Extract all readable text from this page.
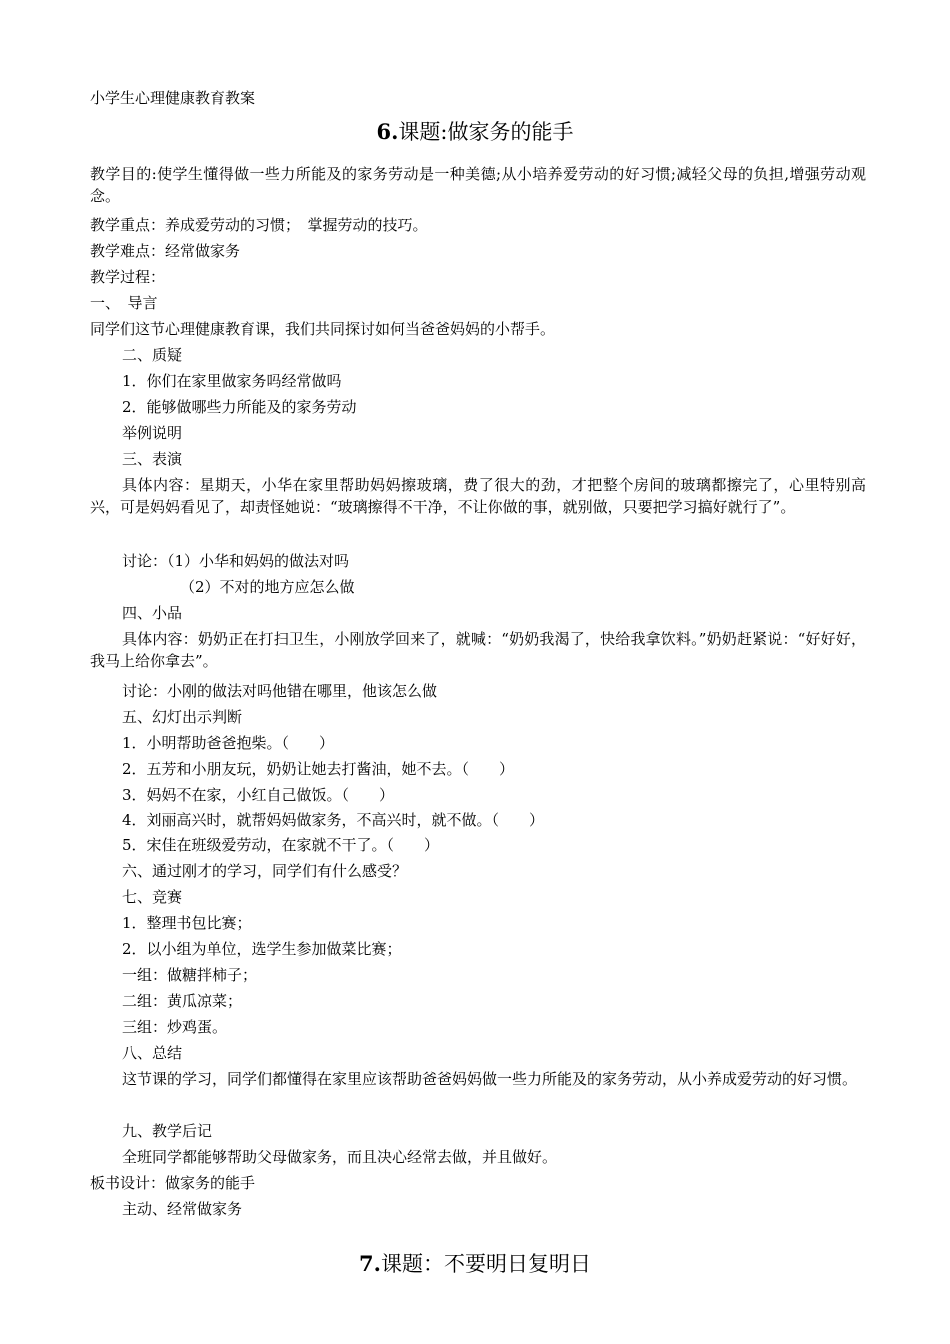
小学生心理健康教育教案
6.课题:做家务的能手
教学目的:使学生懂得做一些力所能及的家务劳动是一种美德;从小培养爱劳动的好习惯;减轻父母的负担,增强劳动观念。
教学重点：养成爱劳动的习惯；　掌握劳动的技巧。
教学难点：经常做家务
教学过程：
一、　导言
同学们这节心理健康教育课，我们共同探讨如何当爸爸妈妈的小帮手。
二、质疑
1．你们在家里做家务吗经常做吗
2．能够做哪些力所能及的家务劳动
举例说明
三、表演
具体内容：星期天，小华在家里帮助妈妈擦玻璃，费了很大的劲，才把整个房间的玻璃都擦完了，心里特别高兴，可是妈妈看见了，却责怪她说：“玻璃擦得不干净，不让你做的事，就别做，只要把学习搞好就行了”。
讨论：（1）小华和妈妈的做法对吗
（2）不对的地方应怎么做
四、小品
具体内容：奶奶正在打扫卫生，小刚放学回来了，就喊：“奶奶我渴了，快给我拿饮料。”奶奶赶紧说：“好好好，我马上给你拿去”。
讨论：小刚的做法对吗他错在哪里，他该怎么做
五、幻灯出示判断
1．小明帮助爸爸抱柴。（　　）
2．五芳和小朋友玩，奶奶让她去打酱油，她不去。（　　）
3．妈妈不在家，小红自己做饭。（　　）
4．刘丽高兴时，就帮妈妈做家务，不高兴时，就不做。（　　）
5．宋佳在班级爱劳动，在家就不干了。（　　）
六、通过刚才的学习，同学们有什么感受？
七、竞赛
1．整理书包比赛；
2．以小组为单位，选学生参加做菜比赛；
一组：做糖拌柿子；
二组：黄瓜凉菜；
三组：炒鸡蛋。
八、总结
这节课的学习，同学们都懂得在家里应该帮助爸爸妈妈做一些力所能及的家务劳动，从小养成爱劳动的好习惯。
九、教学后记
全班同学都能够帮助父母做家务，而且决心经常去做，并且做好。
板书设计：做家务的能手
主动、经常做家务
7.课题：不要明日复明日
